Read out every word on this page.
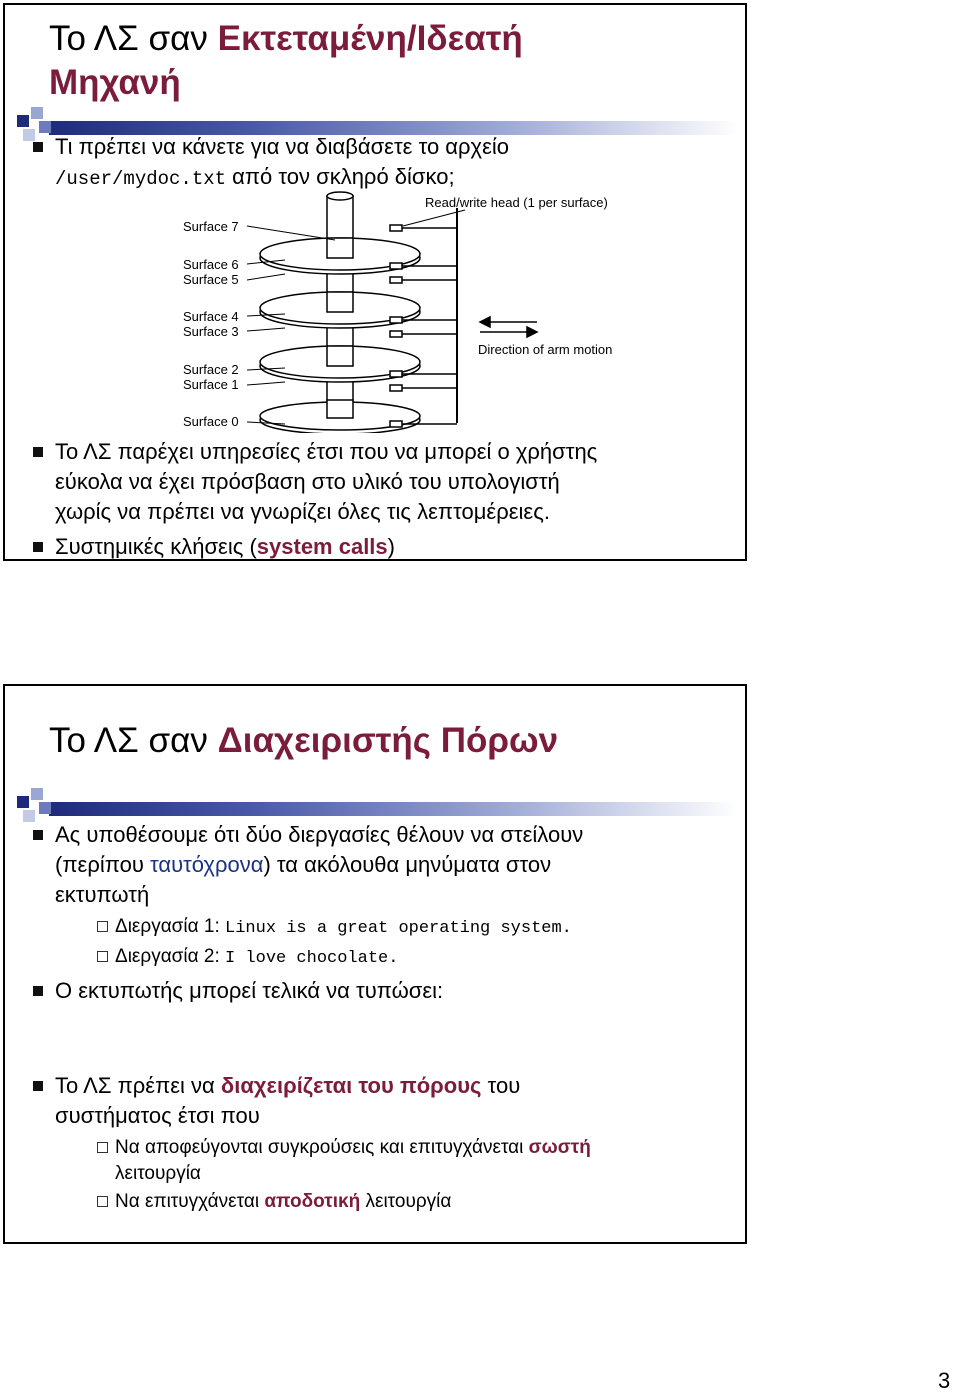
Το ΛΣ σαν Εκτεταμένη/Ιδεατή
Μηχανή
Τι πρέπει να κάνετε για να διαβάσετε το αρχείο
/user/mydoc.txt από τον σκληρό δίσκο;
Read/write head (1 per surface)
Direction of arm motion
Surface 7
Surface 6
Surface 5
Surface 4
Surface 3
Surface 2
Surface 1
Surface 0
Το ΛΣ παρέχει υπηρεσίες έτσι που να μπορεί ο χρήστης
εύκολα να έχει πρόσβαση στο υλικό του υπολογιστή
χωρίς να πρέπει να γνωρίζει όλες τις λεπτομέρειες.
Συστημικές κλήσεις (system calls)
Το ΛΣ σαν Διαχειριστής Πόρων
Ας υποθέσουμε ότι δύο διεργασίες θέλουν να στείλουν
(περίπου ταυτόχρονα) τα ακόλουθα μηνύματα στον
εκτυπωτή
Διεργασία 1: Linux is a great operating system.
Διεργασία 2: I love chocolate.
Ο εκτυπωτής μπορεί τελικά να τυπώσει:
Το ΛΣ πρέπει να διαχειρίζεται του πόρους του
συστήματος έτσι που
Να αποφεύγονται συγκρούσεις και επιτυγχάνεται σωστή
λειτουργία
Να επιτυγχάνεται αποδοτική λειτουργία
3
